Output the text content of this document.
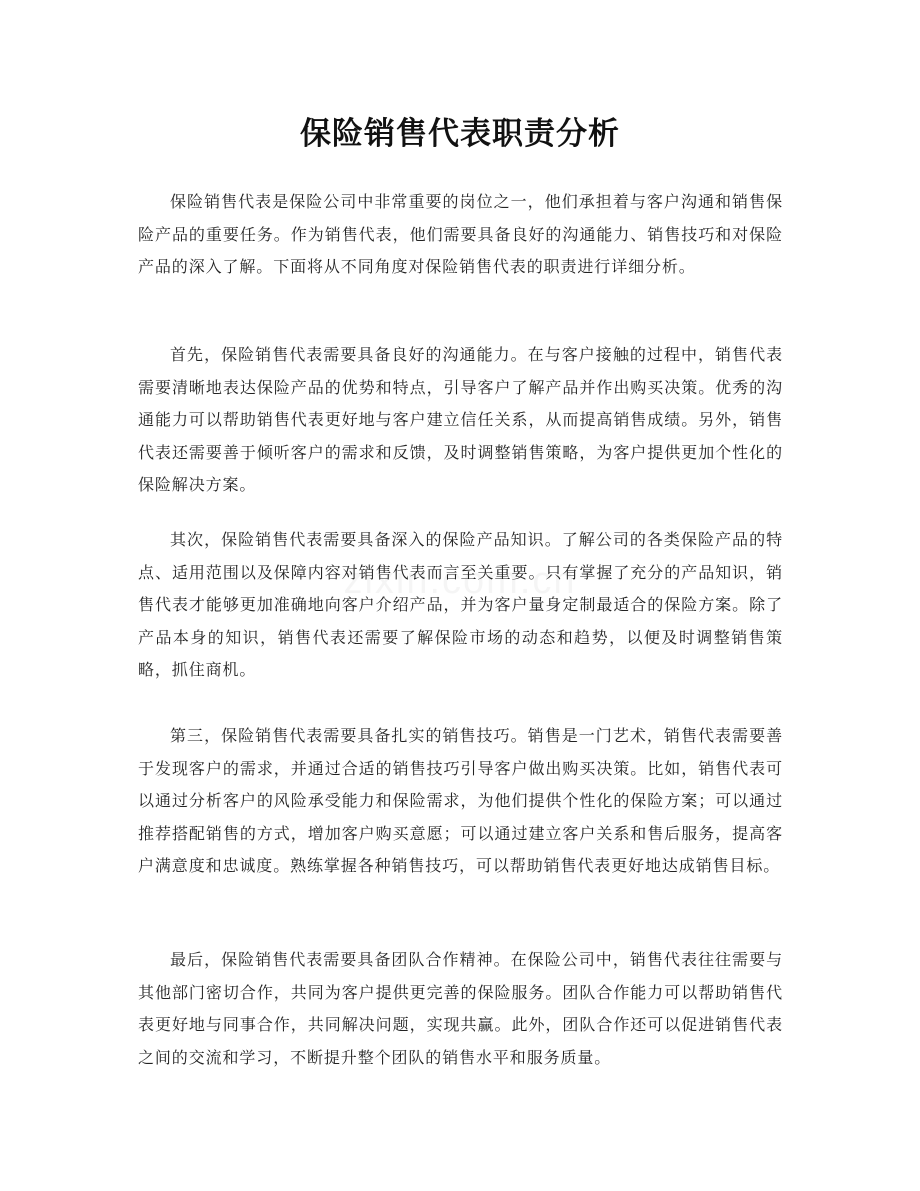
保险销售代表职责分析

保险销售代表是保险公司中非常重要的岗位之一，他们承担着与客户沟通和销售保险产品的重要任务。作为销售代表，他们需要具备良好的沟通能力、销售技巧和对保险产品的深入了解。下面将从不同角度对保险销售代表的职责进行详细分析。

首先，保险销售代表需要具备良好的沟通能力。在与客户接触的过程中，销售代表需要清晰地表达保险产品的优势和特点，引导客户了解产品并作出购买决策。优秀的沟通能力可以帮助销售代表更好地与客户建立信任关系，从而提高销售成绩。另外，销售代表还需要善于倾听客户的需求和反馈，及时调整销售策略，为客户提供更加个性化的保险解决方案。

其次，保险销售代表需要具备深入的保险产品知识。了解公司的各类保险产品的特点、适用范围以及保障内容对销售代表而言至关重要。只有掌握了充分的产品知识，销售代表才能够更加准确地向客户介绍产品，并为客户量身定制最适合的保险方案。除了产品本身的知识，销售代表还需要了解保险市场的动态和趋势，以便及时调整销售策略，抓住商机。

第三，保险销售代表需要具备扎实的销售技巧。销售是一门艺术，销售代表需要善于发现客户的需求，并通过合适的销售技巧引导客户做出购买决策。比如，销售代表可以通过分析客户的风险承受能力和保险需求，为他们提供个性化的保险方案；可以通过推荐搭配销售的方式，增加客户购买意愿；可以通过建立客户关系和售后服务，提高客户满意度和忠诚度。熟练掌握各种销售技巧，可以帮助销售代表更好地达成销售目标。

最后，保险销售代表需要具备团队合作精神。在保险公司中，销售代表往往需要与其他部门密切合作，共同为客户提供更完善的保险服务。团队合作能力可以帮助销售代表更好地与同事合作，共同解决问题，实现共赢。此外，团队合作还可以促进销售代表之间的交流和学习，不断提升整个团队的销售水平和服务质量。
